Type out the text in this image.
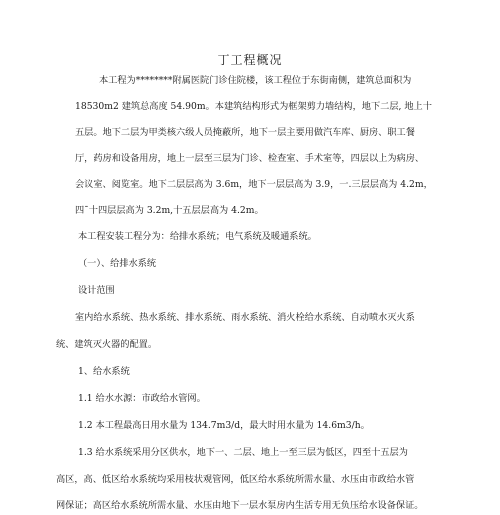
丁工程概况
本工程为********附属医院门诊住院楼，该工程位于东街南侧，建筑总面积为
18530m2 建筑总高度 54.90m。本建筑结构形式为框架剪力墙结构，地下二层, 地上十
五层。地下二层为甲类核六级人员掩蔽所，地下一层主要用做汽车库、厨房、职工餐
厅，药房和设备用房，地上一层至三层为门诊、检查室、手术室等，四层以上为病房、
会议室、阅览室。地下二层层高为 3.6m，地下一层层高为 3.9，一.三层层高为 4.2m，
四¯十四层层高为 3.2m,十五层层高为 4.2m。
本工程安装工程分为：给排水系统；电气系统及暖通系统。
（一）、给排水系统
设计范围
室内给水系统、热水系统、排水系统、雨水系统、消火栓给水系统、自动喷水灭火系
统、建筑灭火器的配置。
1、给水系统
1.1 给水水源：市政给水管网。
1.2 本工程最高日用水量为 134.7m3/d，最大时用水量为 14.6m3/h。
1.3 给水系统采用分区供水，地下一、二层、地上一至三层为低区，四至十五层为
高区，高、低区给水系统均采用枝状观管网，低区给水系统所需水量、水压由市政给水管
网保证；高区给水系统所需水量、水压由地下一层水泵房内生活专用无负压给水设备保证。
